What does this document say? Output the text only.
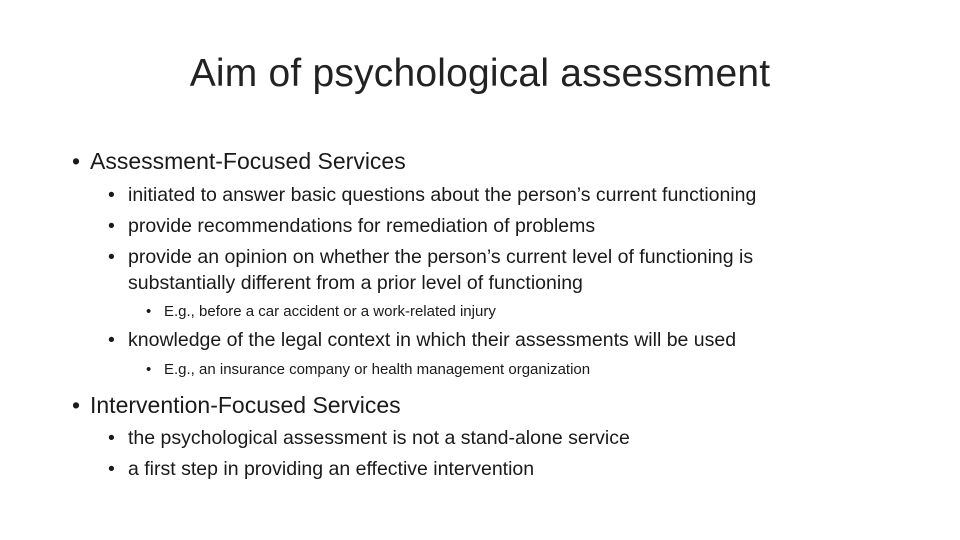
Aim of psychological assessment
• Assessment-Focused Services
• initiated to answer basic questions about the person’s current functioning
• provide recommendations for remediation of problems
• provide an opinion on whether the person’s current level of functioning is
substantially different from a prior level of functioning
• E.g., before a car accident or a work-related injury
• knowledge of the legal context in which their assessments will be used
• E.g., an insurance company or health management organization
• Intervention-Focused Services
• the psychological assessment is not a stand-alone service
• a first step in providing an effective intervention
